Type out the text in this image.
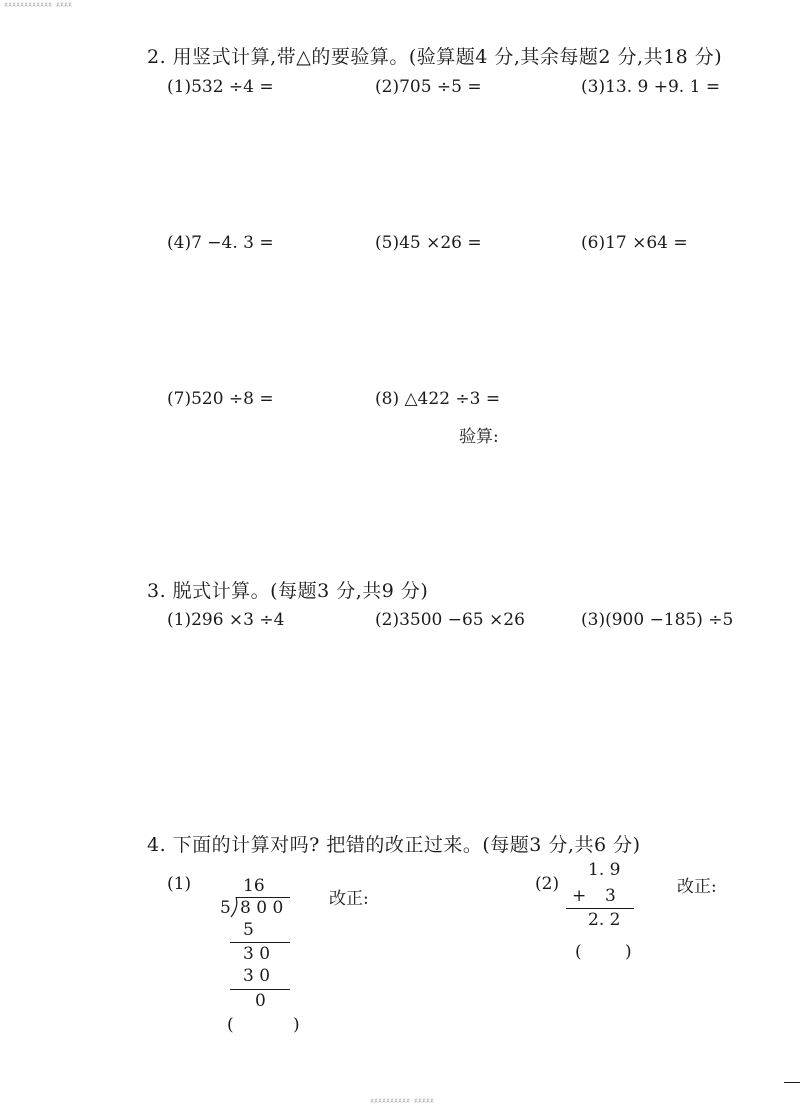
某某某某某某某某某某某某 · 某某某某
某某某某某某某某某某 · 某某某某某
2. 用竖式计算,带△的要验算。(验算题4 分,其余每题2 分,共18 分)
(1)532 ÷4 =	(2)705 ÷5 =	(3)13. 9 +9. 1 =
(4)7 −4. 3 =	(5)45 ×26 =	(6)17 ×64 =
(7)520 ÷8 =	(8) △422 ÷3 =
验算:
3. 脱式计算。(每题3 分,共9 分)
(1)296 ×3 ÷4	(2)3500 −65 ×26	(3)(900 −185) ÷5
4. 下面的计算对吗? 把错的改正过来。(每题3 分,共6 分)
(1)	16
5 8 0 0
5
3 0
3 0
0
(	)
改正:
(2)
1. 9
+ 3
2. 2
(	)
改正:
